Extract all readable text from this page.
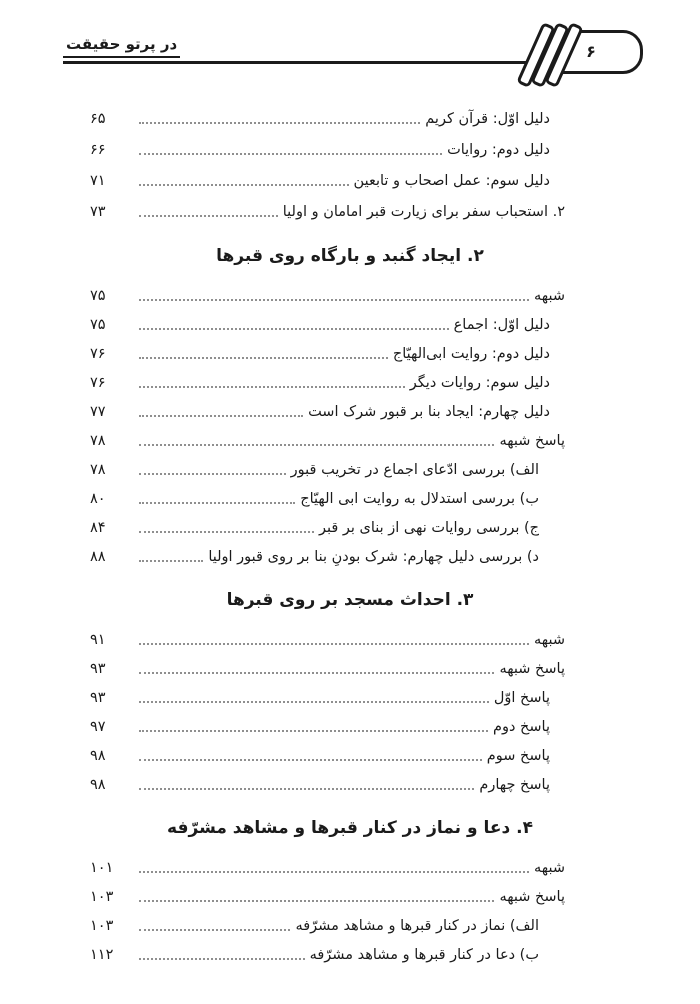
در پرتو حقیقت	۶
دلیل اوّل: قرآن کریم
۶۵
دلیل دوم: روایات
۶۶
دلیل سوم: عمل اصحاب و تابعین
۷۱
۲. استحباب سفر برای زیارت قبر امامان و اولیا
۷۳
۲. ایجاد گنبد و بارگاه روی قبرها
شبهه
۷۵
دلیل اوّل: اجماع
۷۵
دلیل دوم: روایت ابی‌الهیّاج
۷۶
دلیل سوم: روایات دیگر
۷۶
دلیل چهارم: ایجاد بنا بر قبور شرک است
۷۷
پاسخ شبهه
۷۸
الف) بررسی ادّعای اجماع در تخریب قبور
۷۸
ب) بررسی استدلال به روایت ابی الهیّاج
۸۰
ج) بررسی روایات نهی از بنای بر قبر
۸۴
د) بررسی دلیل چهارم: شرک بودنِ بنا بر روی قبور اولیا
۸۸
۳. احداث مسجد بر روی قبرها
شبهه
۹۱
پاسخ شبهه
۹۳
پاسخ اوّل
۹۳
پاسخ دوم
۹۷
پاسخ سوم
۹۸
پاسخ چهارم
۹۸
۴. دعا و نماز در کنار قبرها و مشاهد مشرّفه
شبهه
۱۰۱
پاسخ شبهه
۱۰۳
الف) نماز در کنار قبرها و مشاهد مشرّفه
۱۰۳
ب) دعا در کنار قبرها و مشاهد مشرّفه
۱۱۲
